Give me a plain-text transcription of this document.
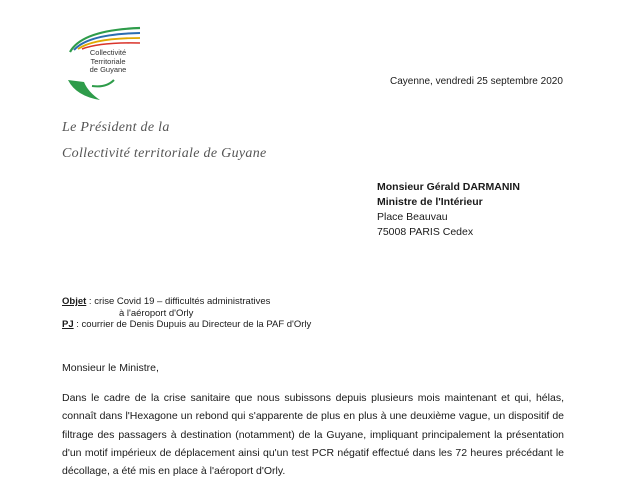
Collectivité
Territoriale
de Guyane
Cayenne, vendredi 25 septembre 2020
Le Président de la
Collectivité territoriale de Guyane
Monsieur Gérald DARMANIN
Ministre de l'Intérieur
Place Beauvau
75008 PARIS Cedex
Objet : crise Covid 19 – difficultés administratives
à l'aéroport d'Orly
PJ : courrier de Denis Dupuis au Directeur de la PAF d'Orly
Monsieur le Ministre,
Dans le cadre de la crise sanitaire que nous subissons depuis plusieurs mois maintenant et qui, hélas, connaît dans l'Hexagone un rebond qui s'apparente de plus en plus à une deuxième vague, un dispositif de filtrage des passagers à destination (notamment) de la Guyane, impliquant principalement la présentation d'un motif impérieux de déplacement ainsi qu'un test PCR négatif effectué dans les 72 heures précédant le décollage, a été mis en place à l'aéroport d'Orly.
